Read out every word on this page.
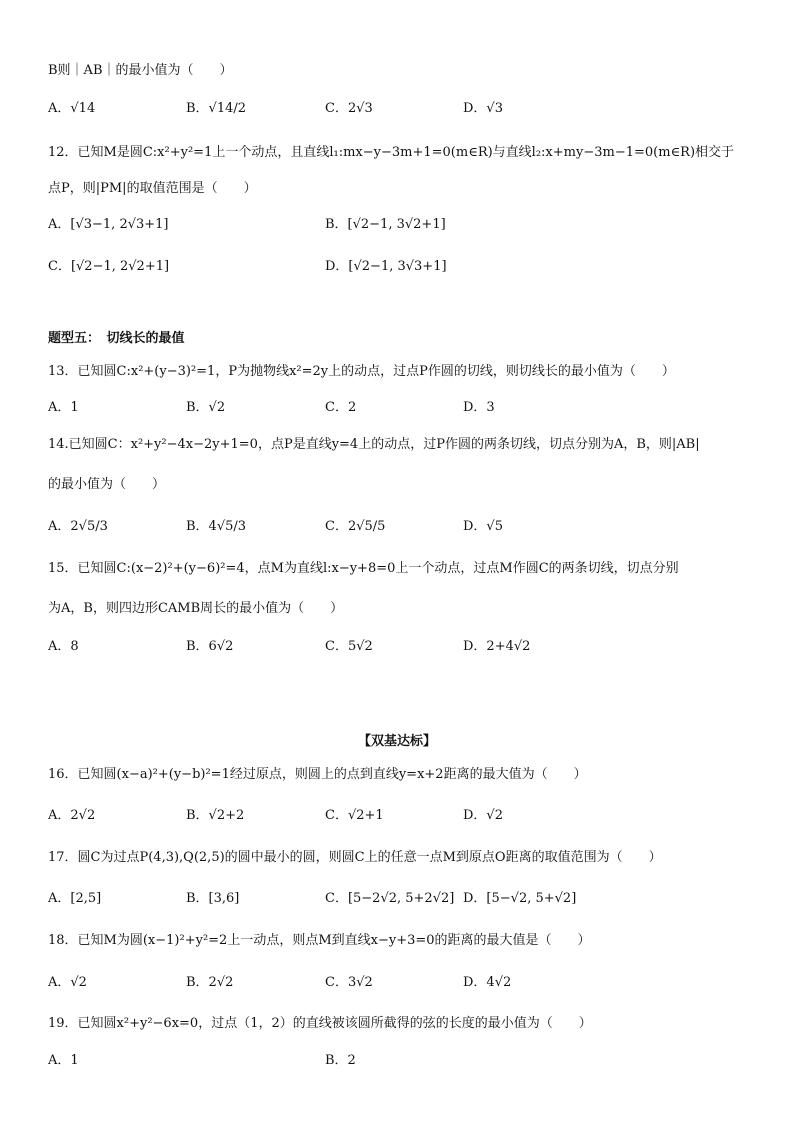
B则｜AB｜的最小值为（　　）
A．√14	B．√14/2	C．2√3	D．√3
12．已知M是圆C:x²+y²=1上一个动点，且直线l₁:mx−y−3m+1=0(m∈R)与直线l₂:x+my−3m−1=0(m∈R)相交于
点P，则|PM|的取值范围是（　　）
A．[√3−1, 2√3+1]	B．[√2−1, 3√2+1]
C．[√2−1, 2√2+1]	D．[√2−1, 3√3+1]
题型五：　切线长的最值
13．已知圆C:x²+(y−3)²=1，P为抛物线x²=2y上的动点，过点P作圆的切线，则切线长的最小值为（　　）
A．1	B．√2	C．2	D．3
14.已知圆C：x²+y²−4x−2y+1=0，点P是直线y=4上的动点，过P作圆的两条切线，切点分别为A，B，则|AB|
的最小值为（　　）
A．2√5/3	B．4√5/3	C．2√5/5	D．√5
15．已知圆C:(x−2)²+(y−6)²=4，点M为直线l:x−y+8=0上一个动点，过点M作圆C的两条切线，切点分别
为A，B，则四边形CAMB周长的最小值为（　　）
A．8	B．6√2	C．5√2	D．2+4√2
【双基达标】
16．已知圆(x−a)²+(y−b)²=1经过原点，则圆上的点到直线y=x+2距离的最大值为（　　）
A．2√2	B．√2+2	C．√2+1	D．√2
17．圆C为过点P(4,3),Q(2,5)的圆中最小的圆，则圆C上的任意一点M到原点O距离的取值范围为（　　）
A．[2,5]	B．[3,6]	C．[5−2√2, 5+2√2] D．[5−√2, 5+√2]
18．已知M为圆(x−1)²+y²=2上一动点，则点M到直线x−y+3=0的距离的最大值是（　　）
A．√2	B．2√2	C．3√2	D．4√2
19．已知圆x²+y²−6x=0，过点（1，2）的直线被该圆所截得的弦的长度的最小值为（　　）
A．1	B．2
